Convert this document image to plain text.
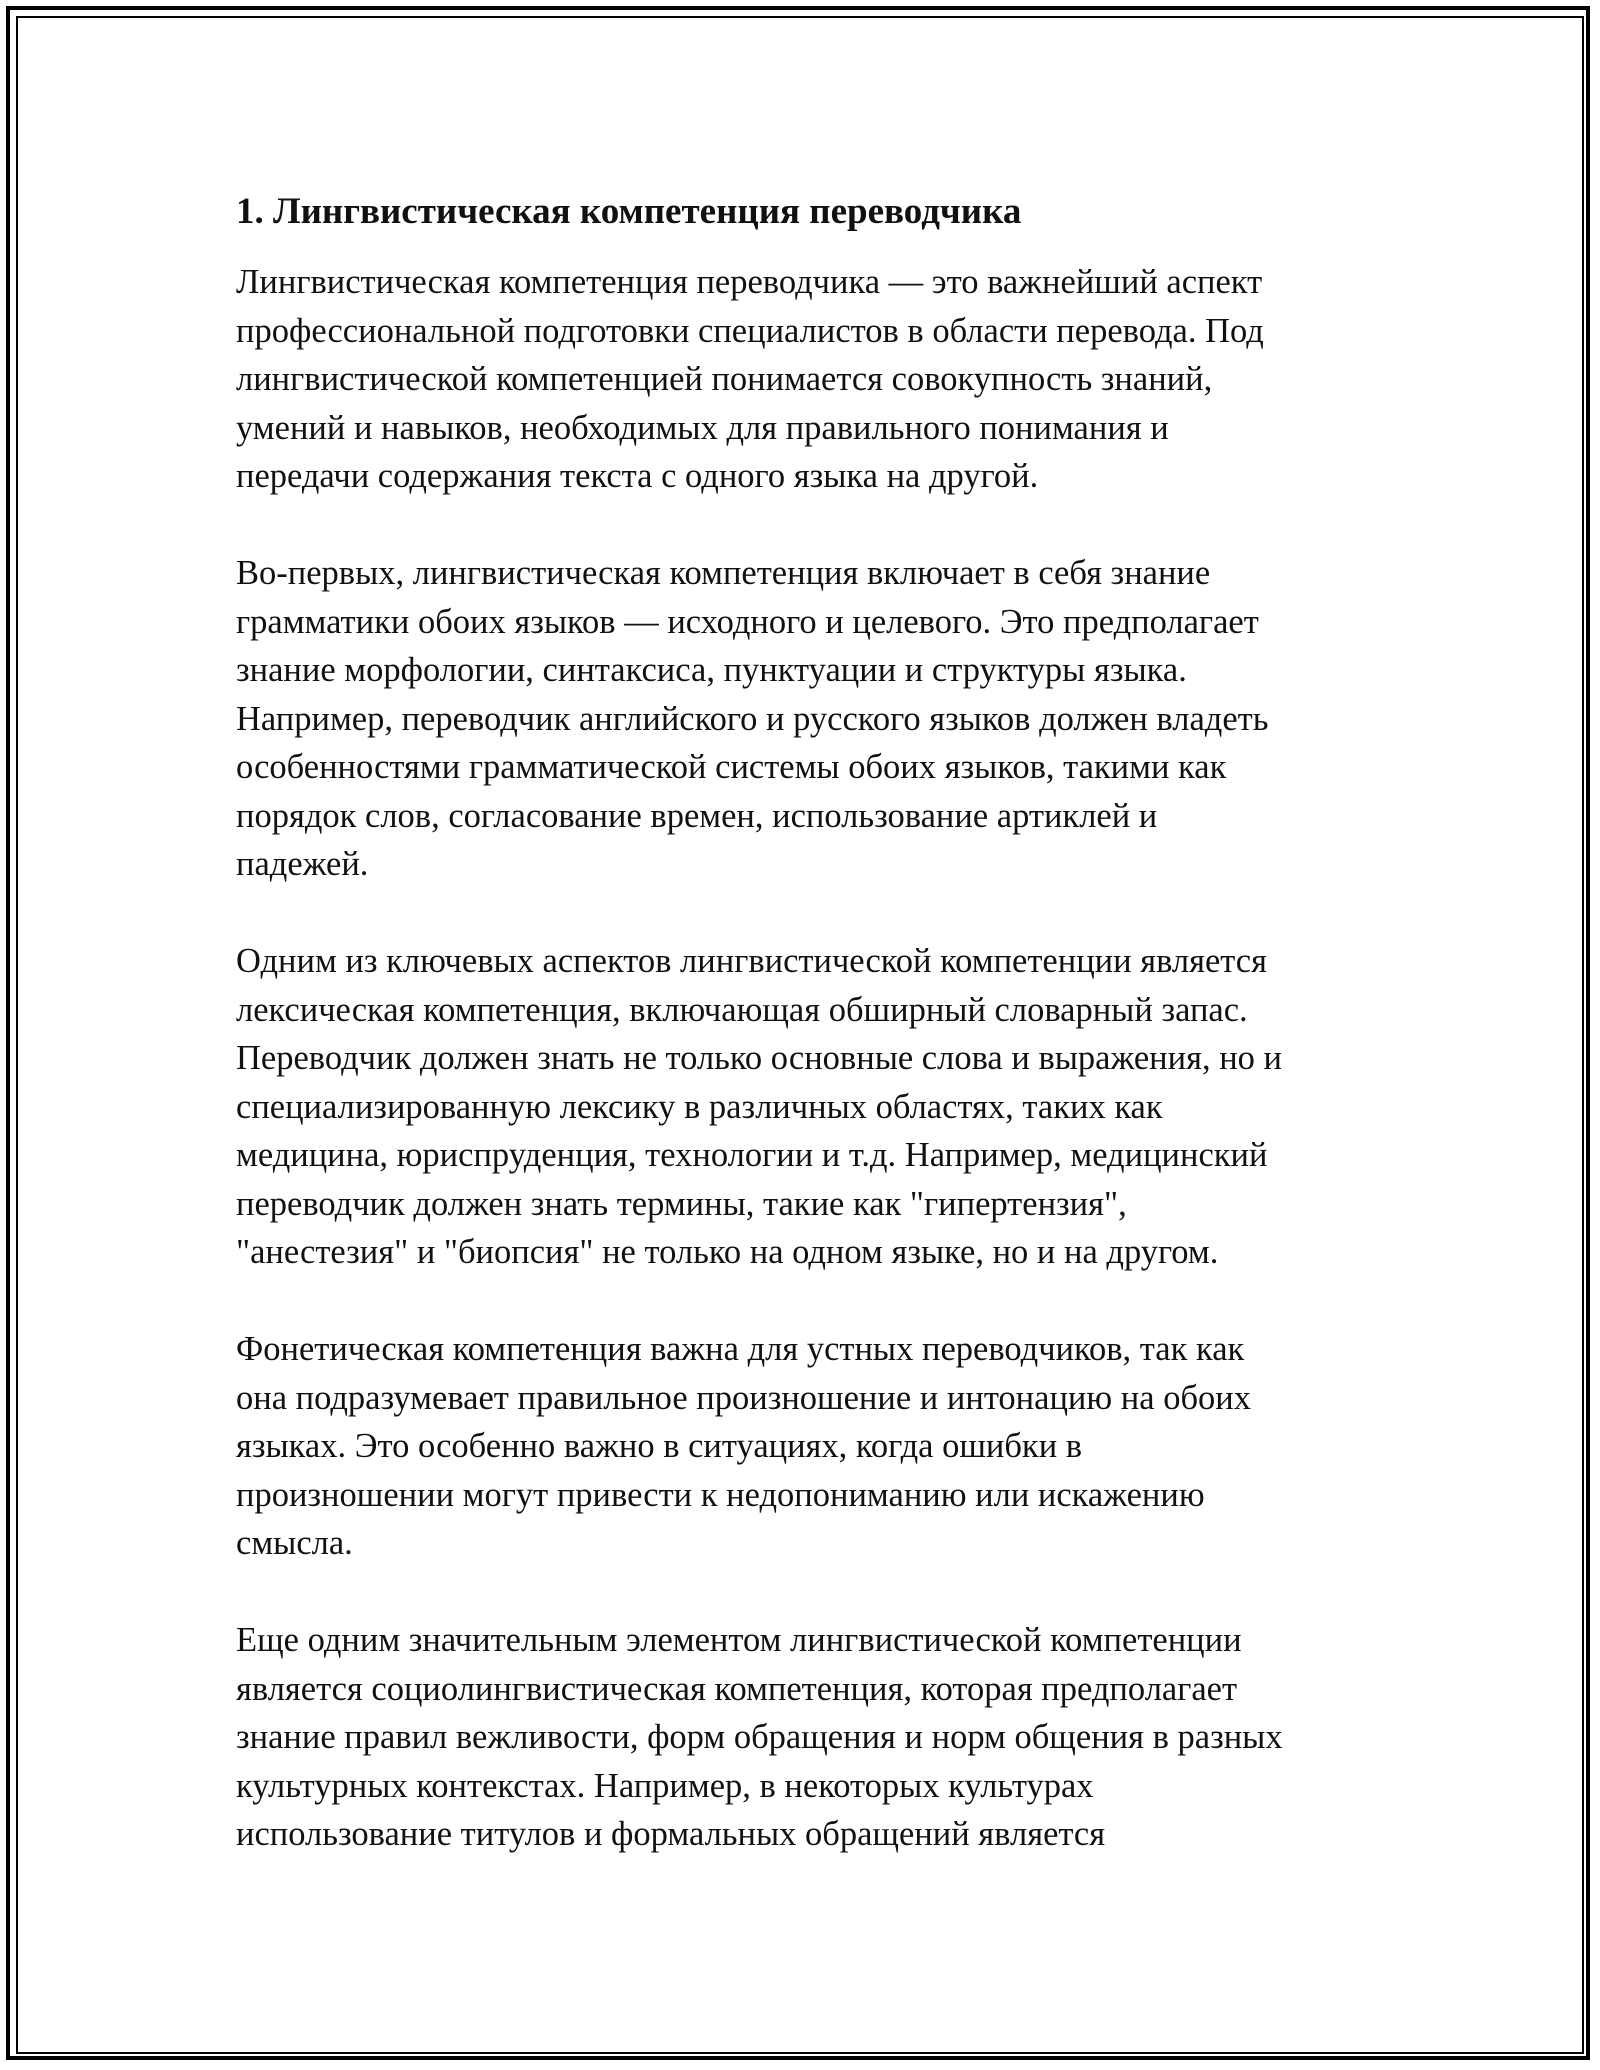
1. Лингвистическая компетенция переводчика

Лингвистическая компетенция переводчика — это важнейший аспект
профессиональной подготовки специалистов в области перевода. Под
лингвистической компетенцией понимается совокупность знаний,
умений и навыков, необходимых для правильного понимания и
передачи содержания текста с одного языка на другой.

Во-первых, лингвистическая компетенция включает в себя знание
грамматики обоих языков — исходного и целевого. Это предполагает
знание морфологии, синтаксиса, пунктуации и структуры языка.
Например, переводчик английского и русского языков должен владеть
особенностями грамматической системы обоих языков, такими как
порядок слов, согласование времен, использование артиклей и
падежей.

Одним из ключевых аспектов лингвистической компетенции является
лексическая компетенция, включающая обширный словарный запас.
Переводчик должен знать не только основные слова и выражения, но и
специализированную лексику в различных областях, таких как
медицина, юриспруденция, технологии и т.д. Например, медицинский
переводчик должен знать термины, такие как "гипертензия",
"анестезия" и "биопсия" не только на одном языке, но и на другом.

Фонетическая компетенция важна для устных переводчиков, так как
она подразумевает правильное произношение и интонацию на обоих
языках. Это особенно важно в ситуациях, когда ошибки в
произношении могут привести к недопониманию или искажению
смысла.

Еще одним значительным элементом лингвистической компетенции
является социолингвистическая компетенция, которая предполагает
знание правил вежливости, форм обращения и норм общения в разных
культурных контекстах. Например, в некоторых культурах
использование титулов и формальных обращений является
